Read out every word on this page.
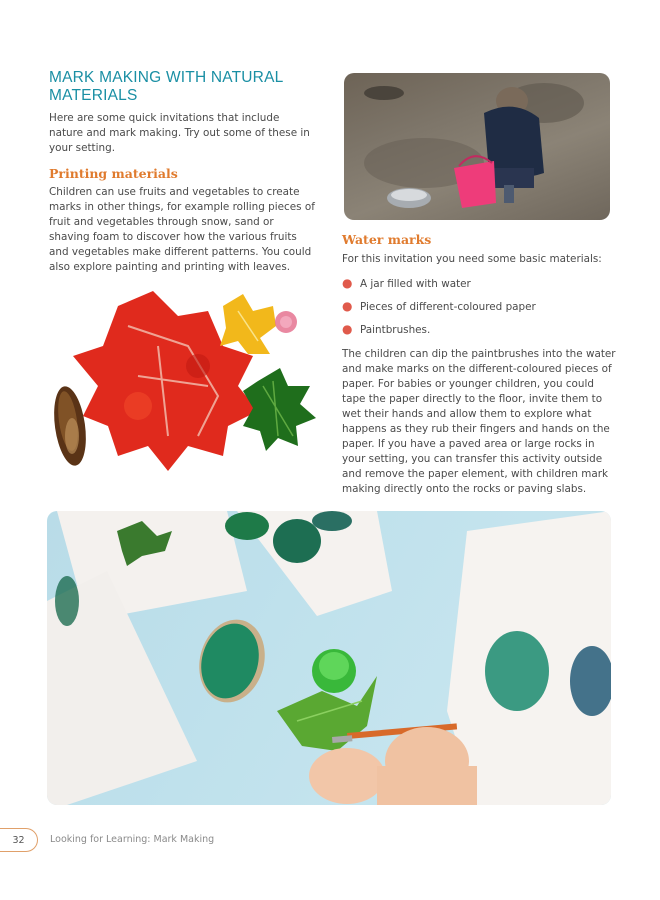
MARK MAKING WITH NATURAL MATERIALS

Here are some quick invitations that include nature and mark making. Try out some of these in your setting.

Printing materials

Children can use fruits and vegetables to create marks in other things, for example rolling pieces of fruit and vegetables through snow, sand or shaving foam to discover how the various fruits and vegetables make different patterns. You could also explore painting and printing with leaves.

Water marks

For this invitation you need some basic materials:

● A jar filled with water
● Pieces of different-coloured paper
● Paintbrushes.

The children can dip the paintbrushes into the water and make marks on the different-coloured pieces of paper. For babies or younger children, you could tape the paper directly to the floor, invite them to wet their hands and allow them to explore what happens as they rub their fingers and hands on the paper. If you have a paved area or large rocks in your setting, you can transfer this activity outside and remove the paper element, with children mark making directly onto the rocks or paving slabs.

32	Looking for Learning: Mark Making
